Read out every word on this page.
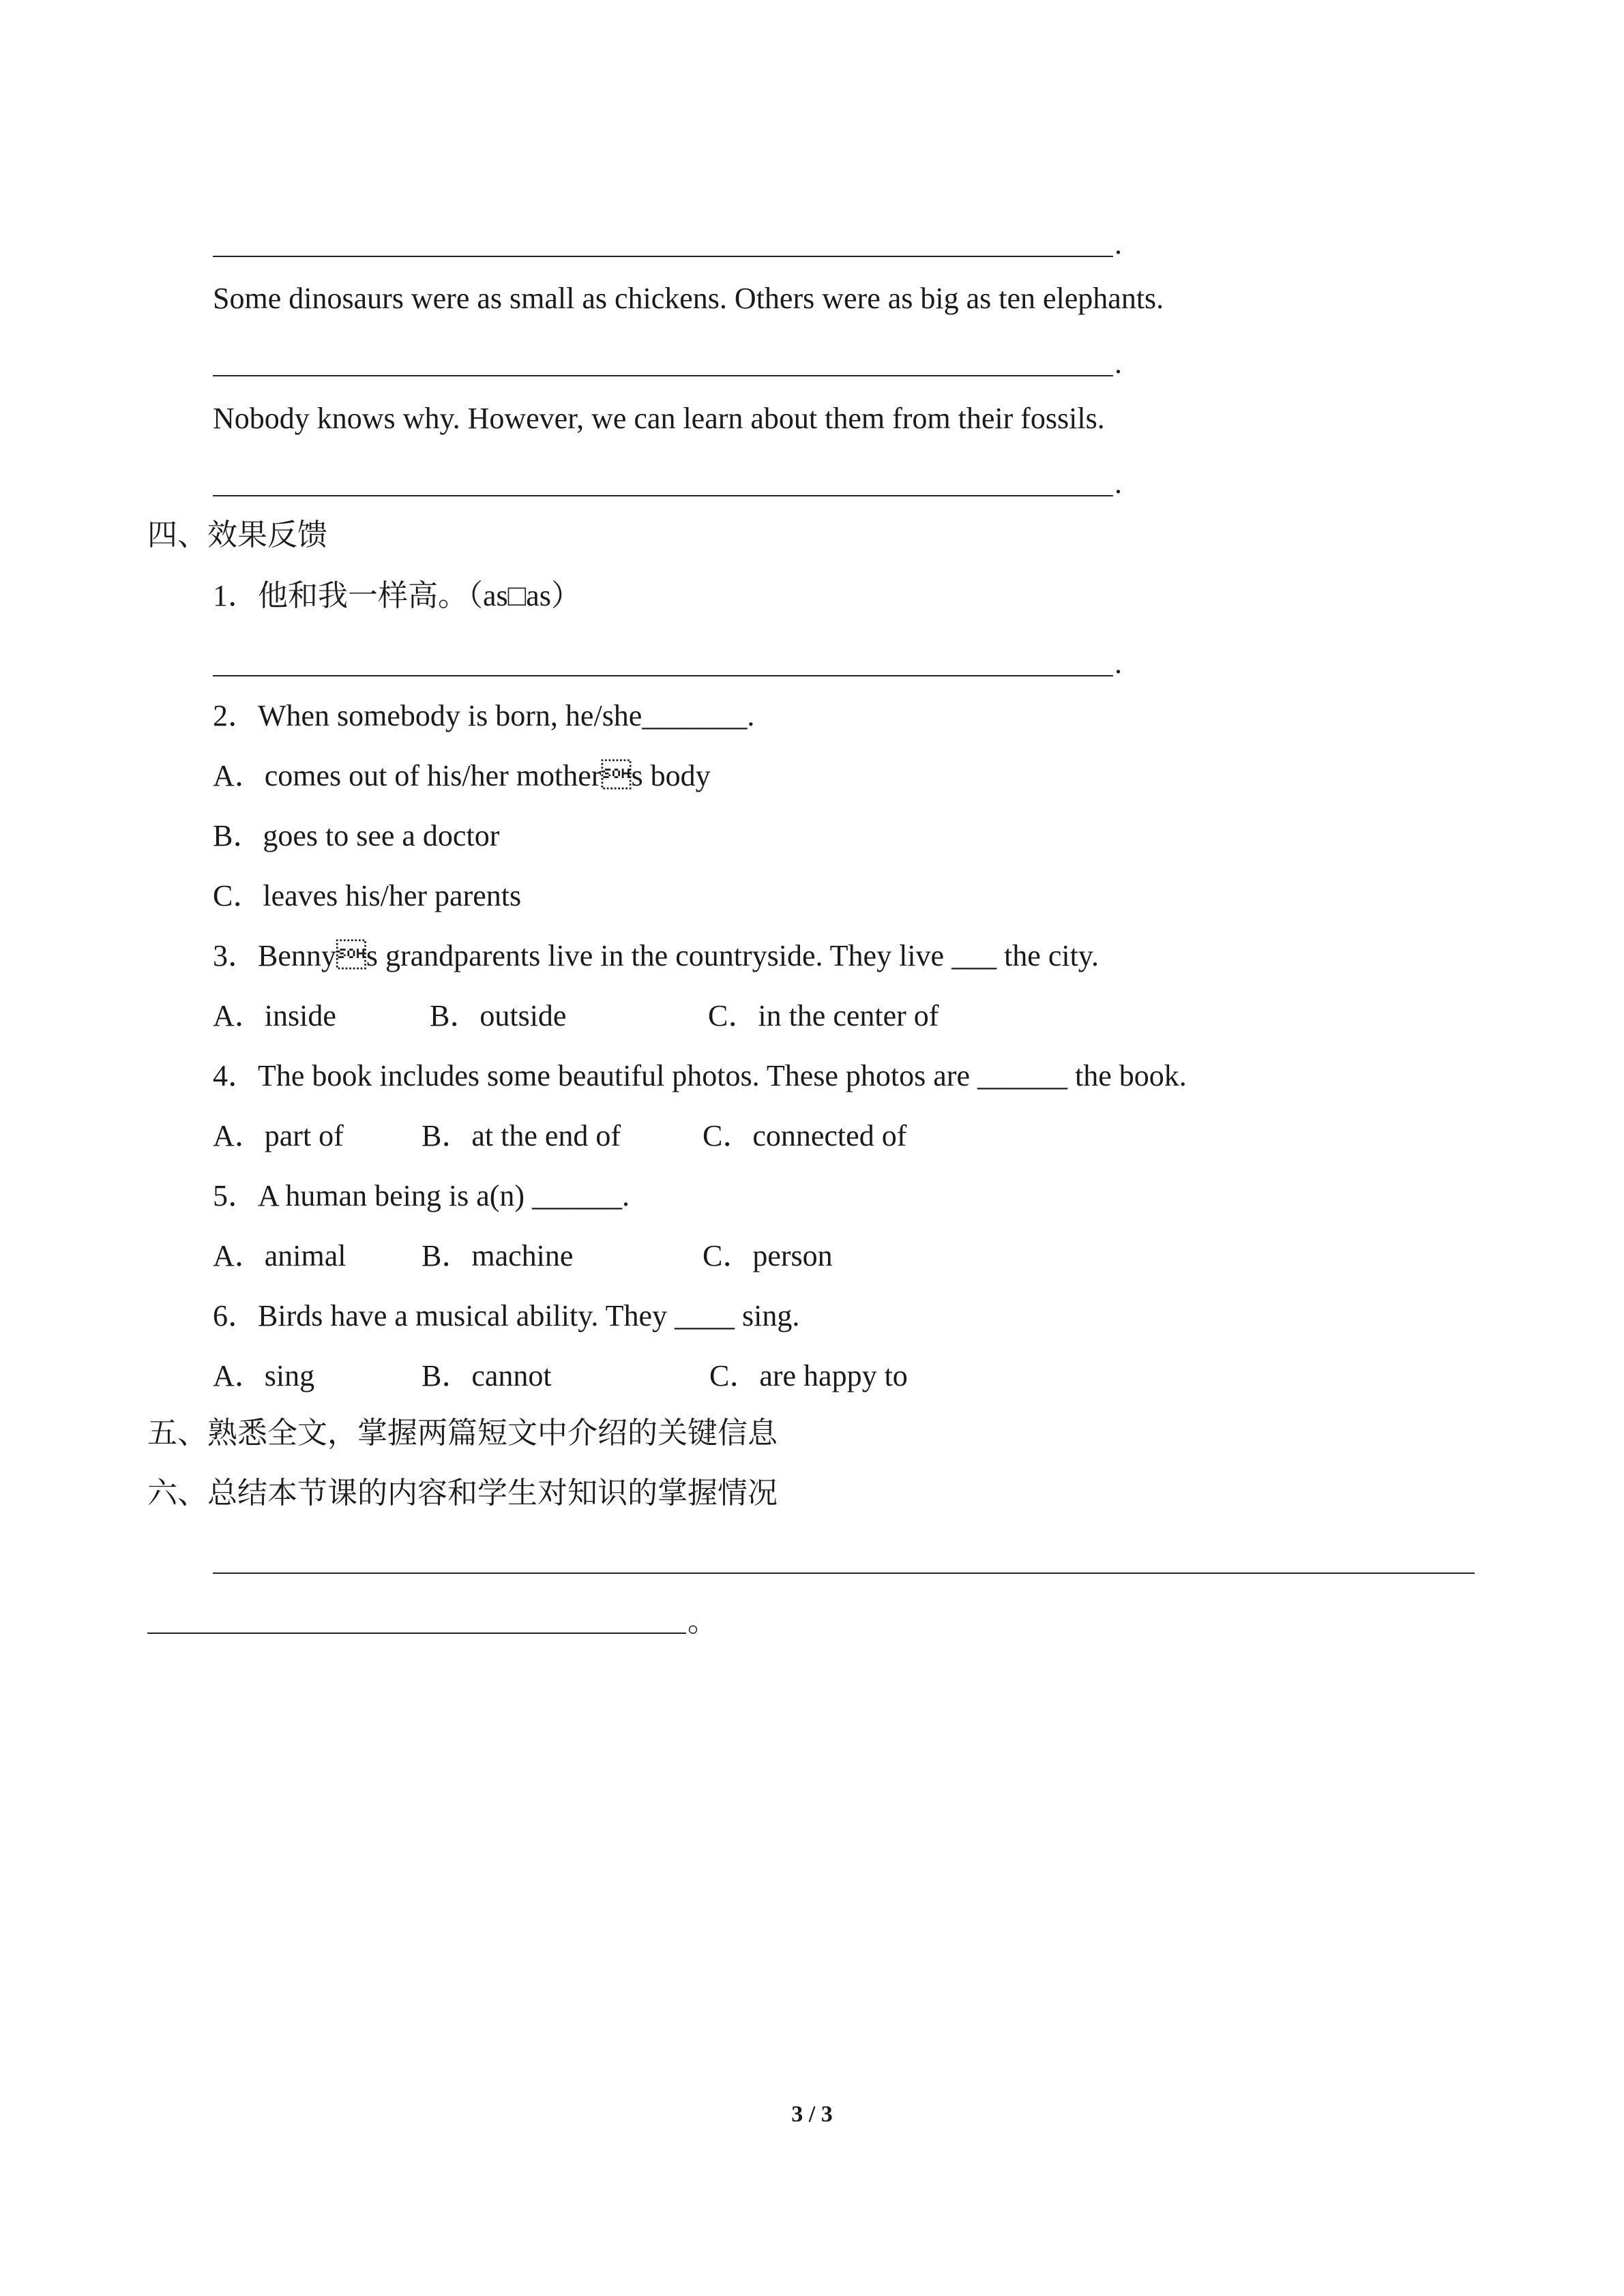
.
Some dinosaurs were as small as chickens. Others were as big as ten elephants.
.
Nobody knows why. However, we can learn about them from their fossils.
.
四、效果反馈
1．他和我一样高。（as□as）
.
2．When somebody is born, he/she_______.
A．comes out of his/her mothers body
B．goes to see a doctor
C．leaves his/her parents
3．Bennys grandparents live in the countryside. They live ___ the city.
A．inside	B．outside	C．in the center of
4．The book includes some beautiful photos. These photos are ______ the book.
A．part of	B．at the end of	C．connected of
5．A human being is a(n) ______.
A．animal	B．machine	C．person
6．Birds have a musical ability. They ____ sing.
A．sing	B．cannot	C．are happy to
五、熟悉全文，掌握两篇短文中介绍的关键信息
六、总结本节课的内容和学生对知识的掌握情况
。
3 / 3
